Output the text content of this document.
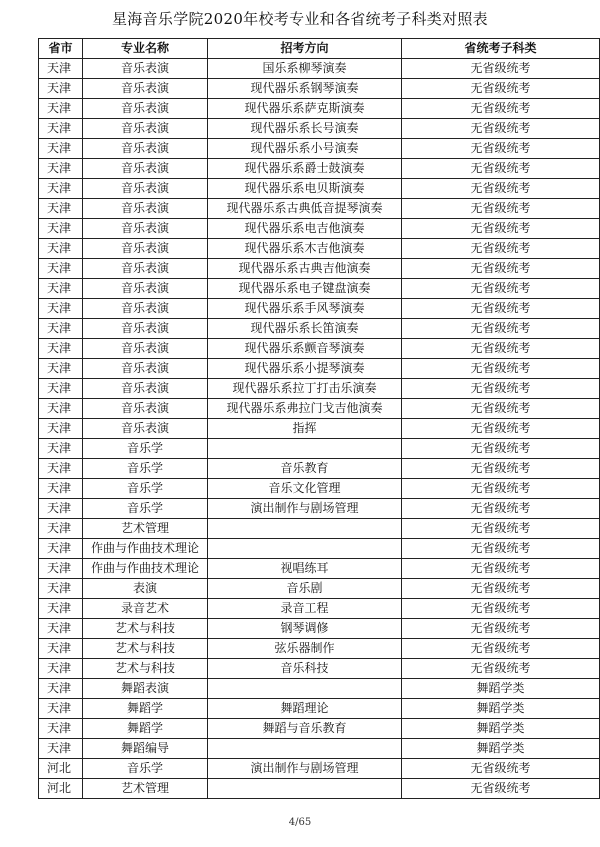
星海音乐学院2020年校考专业和各省统考子科类对照表
省市	专业名称	招考方向	省统考子科类
天津	音乐表演	国乐系柳琴演奏	无省级统考
天津	音乐表演	现代器乐系钢琴演奏	无省级统考
天津	音乐表演	现代器乐系萨克斯演奏	无省级统考
天津	音乐表演	现代器乐系长号演奏	无省级统考
天津	音乐表演	现代器乐系小号演奏	无省级统考
天津	音乐表演	现代器乐系爵士鼓演奏	无省级统考
天津	音乐表演	现代器乐系电贝斯演奏	无省级统考
天津	音乐表演	现代器乐系古典低音提琴演奏	无省级统考
天津	音乐表演	现代器乐系电吉他演奏	无省级统考
天津	音乐表演	现代器乐系木吉他演奏	无省级统考
天津	音乐表演	现代器乐系古典吉他演奏	无省级统考
天津	音乐表演	现代器乐系电子键盘演奏	无省级统考
天津	音乐表演	现代器乐系手风琴演奏	无省级统考
天津	音乐表演	现代器乐系长笛演奏	无省级统考
天津	音乐表演	现代器乐系颤音琴演奏	无省级统考
天津	音乐表演	现代器乐系小提琴演奏	无省级统考
天津	音乐表演	现代器乐系拉丁打击乐演奏	无省级统考
天津	音乐表演	现代器乐系弗拉门戈吉他演奏	无省级统考
天津	音乐表演	指挥	无省级统考
天津	音乐学		无省级统考
天津	音乐学	音乐教育	无省级统考
天津	音乐学	音乐文化管理	无省级统考
天津	音乐学	演出制作与剧场管理	无省级统考
天津	艺术管理		无省级统考
天津	作曲与作曲技术理论		无省级统考
天津	作曲与作曲技术理论	视唱练耳	无省级统考
天津	表演	音乐剧	无省级统考
天津	录音艺术	录音工程	无省级统考
天津	艺术与科技	钢琴调修	无省级统考
天津	艺术与科技	弦乐器制作	无省级统考
天津	艺术与科技	音乐科技	无省级统考
天津	舞蹈表演		舞蹈学类
天津	舞蹈学	舞蹈理论	舞蹈学类
天津	舞蹈学	舞蹈与音乐教育	舞蹈学类
天津	舞蹈编导		舞蹈学类
河北	音乐学	演出制作与剧场管理	无省级统考
河北	艺术管理		无省级统考
4/65
